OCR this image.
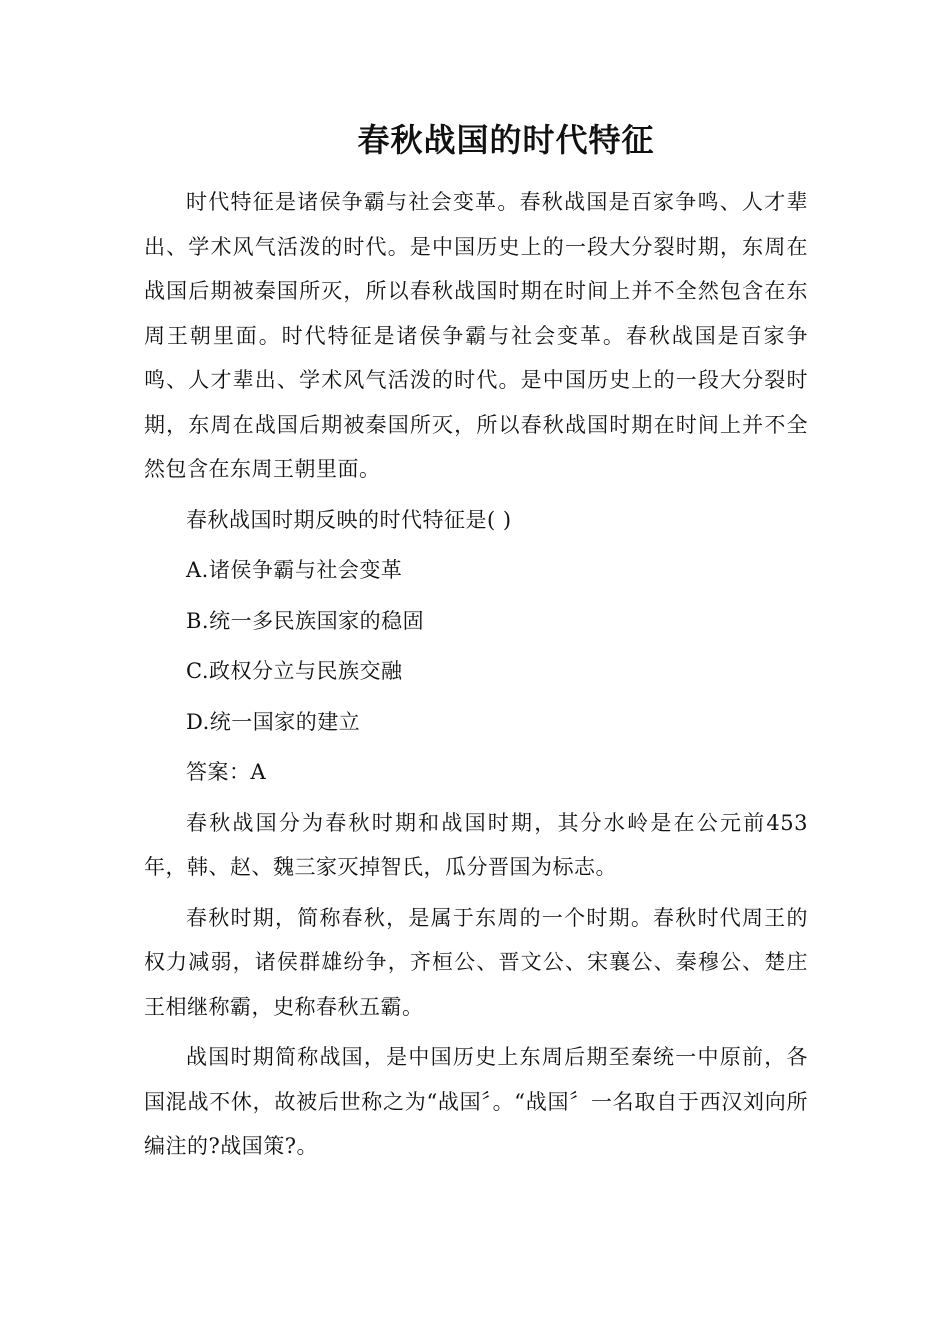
春秋战国的时代特征

时代特征是诸侯争霸与社会变革。春秋战国是百家争鸣、人才辈出、学术风气活泼的时代。是中国历史上的一段大分裂时期，东周在战国后期被秦国所灭，所以春秋战国时期在时间上并不全然包含在东周王朝里面。时代特征是诸侯争霸与社会变革。春秋战国是百家争鸣、人才辈出、学术风气活泼的时代。是中国历史上的一段大分裂时期，东周在战国后期被秦国所灭，所以春秋战国时期在时间上并不全然包含在东周王朝里面。

春秋战国时期反映的时代特征是( )

A.诸侯争霸与社会变革

B.统一多民族国家的稳固

C.政权分立与民族交融

D.统一国家的建立

答案：A

春秋战国分为春秋时期和战国时期，其分水岭是在公元前453年，韩、赵、魏三家灭掉智氏，瓜分晋国为标志。

春秋时期，简称春秋，是属于东周的一个时期。春秋时代周王的权力减弱，诸侯群雄纷争，齐桓公、晋文公、宋襄公、秦穆公、楚庄王相继称霸，史称春秋五霸。

战国时期简称战国，是中国历史上东周后期至秦统一中原前，各国混战不休，故被后世称之为“战国〞。“战国〞一名取自于西汉刘向所编注的?战国策?。
